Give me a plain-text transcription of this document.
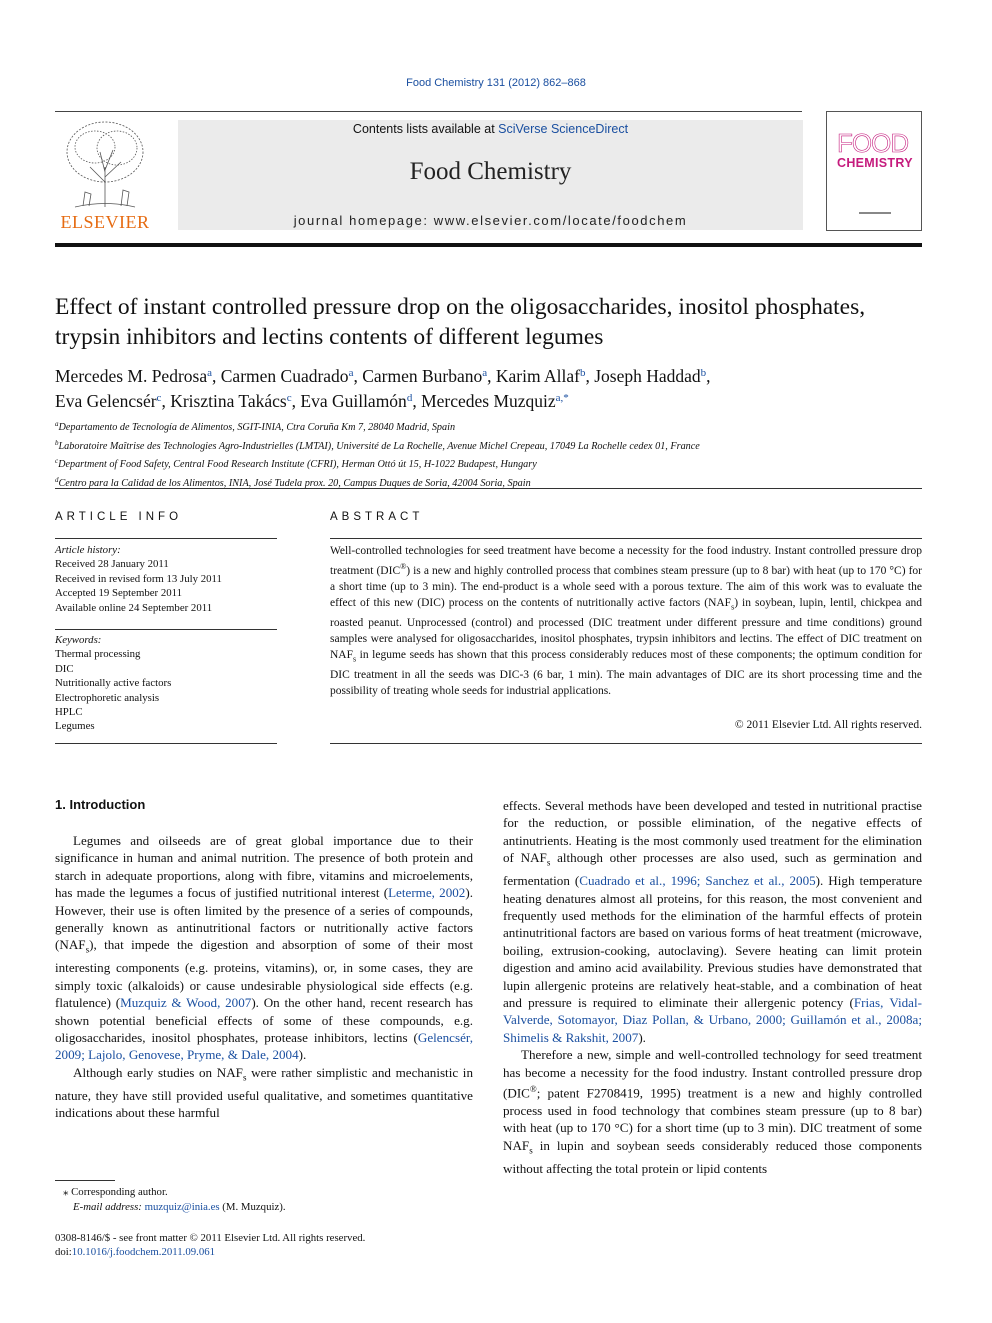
Food Chemistry 131 (2012) 862–868
ELSEVIER
Contents lists available at SciVerse ScienceDirect
Food Chemistry
journal homepage: www.elsevier.com/locate/foodchem
FOOD
CHEMISTRY
Effect of instant controlled pressure drop on the oligosaccharides, inositol phosphates, trypsin inhibitors and lectins contents of different legumes
Mercedes M. Pedrosa$^a$, Carmen Cuadrado$^a$, Carmen Burbano$^a$, Karim Allaf$^b$, Joseph Haddad$^b$,
Eva Gelencsér$^c$, Krisztina Takács$^c$, Eva Guillamón$^d$, Mercedes Muzquiz$^{a,*}$
$^a$Departamento de Tecnología de Alimentos, SGIT-INIA, Ctra Coruña Km 7, 28040 Madrid, Spain
$^b$Laboratoire Maîtrise des Technologies Agro-Industrielles (LMTAI), Université de La Rochelle, Avenue Michel Crepeau, 17049 La Rochelle cedex 01, France
$^c$Department of Food Safety, Central Food Research Institute (CFRI), Herman Ottó út 15, H-1022 Budapest, Hungary
$^d$Centro para la Calidad de los Alimentos, INIA, José Tudela prox. 20, Campus Duques de Soria, 42004 Soria, Spain
ARTICLE INFO
Article history:
Received 28 January 2011
Received in revised form 13 July 2011
Accepted 19 September 2011
Available online 24 September 2011
Keywords:
Thermal processing
DIC
Nutritionally active factors
Electrophoretic analysis
HPLC
Legumes
ABSTRACT
Well-controlled technologies for seed treatment have become a necessity for the food industry. Instant controlled pressure drop treatment (DIC®) is a new and highly controlled process that combines steam pressure (up to 8 bar) with heat (up to 170 °C) for a short time (up to 3 min). The end-product is a whole seed with a porous texture. The aim of this work was to evaluate the effect of this new (DIC) process on the contents of nutritionally active factors $(NAF_s)$ in soybean, lupin, lentil, chickpea and roasted peanut. Unprocessed (control) and processed (DIC treatment under different pressure and time conditions) ground samples were analysed for oligosaccharides, inositol phosphates, trypsin inhibitors and lectins. The effect of DIC treatment on $NAF_s$ in legume seeds has shown that this process considerably reduces most of these components; the optimum condition for DIC treatment in all the seeds was DIC-3 (6 bar, 1 min). The main advantages of DIC are its short processing time and the possibility of treating whole seeds for industrial applications.
© 2011 Elsevier Ltd. All rights reserved.
1. Introduction

Legumes and oilseeds are of great global importance due to their significance in human and animal nutrition. The presence of both protein and starch in adequate proportions, along with fibre, vitamins and microelements, has made the legumes a focus of justified nutritional interest (Leterme, 2002). However, their use is often limited by the presence of a series of compounds, generally known as antinutritional factors or nutritionally active factors $(NAF_s)$, that impede the digestion and absorption of some of their most interesting components (e.g. proteins, vitamins), or, in some cases, they are simply toxic (alkaloids) or cause undesirable physiological side effects (e.g. flatulence) (Muzquiz & Wood, 2007). On the other hand, recent research has shown potential beneficial effects of some of these compounds, e.g. oligosaccharides, inositol phosphates, protease inhibitors, lectins (Gelencsér, 2009; Lajolo, Genovese, Pryme, & Dale, 2004).

Although early studies on $NAF_s$ were rather simplistic and mechanistic in nature, they have still provided useful qualitative, and sometimes quantitative indications about these harmful

effects. Several methods have been developed and tested in nutritional practise for the reduction, or possible elimination, of the negative effects of antinutrients. Heating is the most commonly used treatment for the elimination of $NAF_s$ although other processes are also used, such as germination and fermentation (Cuadrado et al., 1996; Sanchez et al., 2005). High temperature heating denatures almost all proteins, for this reason, the most convenient and frequently used methods for the elimination of the harmful effects of protein antinutritional factors are based on various forms of heat treatment (microwave, boiling, extrusion-cooking, autoclaving). Severe heating can limit protein digestion and amino acid availability. Previous studies have demonstrated that lupin allergenic proteins are relatively heat-stable, and a combination of heat and pressure is required to eliminate their allergenic potency (Frias, Vidal-Valverde, Sotomayor, Diaz Pollan, & Urbano, 2000; Guillamón et al., 2008a; Shimelis & Rakshit, 2007).

Therefore a new, simple and well-controlled technology for seed treatment has become a necessity for the food industry. Instant controlled pressure drop (DIC®; patent F2708419, 1995) treatment is a new and highly controlled process used in food technology that combines steam pressure (up to 8 bar) with heat (up to 170 °C) for a short time (up to 3 min). DIC treatment of some $NAF_s$ in lupin and soybean seeds considerably reduced those components without affecting the total protein or lipid contents

⁎ Corresponding author.
E-mail address: muzquiz@inia.es (M. Muzquiz).
0308-8146/$ - see front matter © 2011 Elsevier Ltd. All rights reserved.
doi:10.1016/j.foodchem.2011.09.061
